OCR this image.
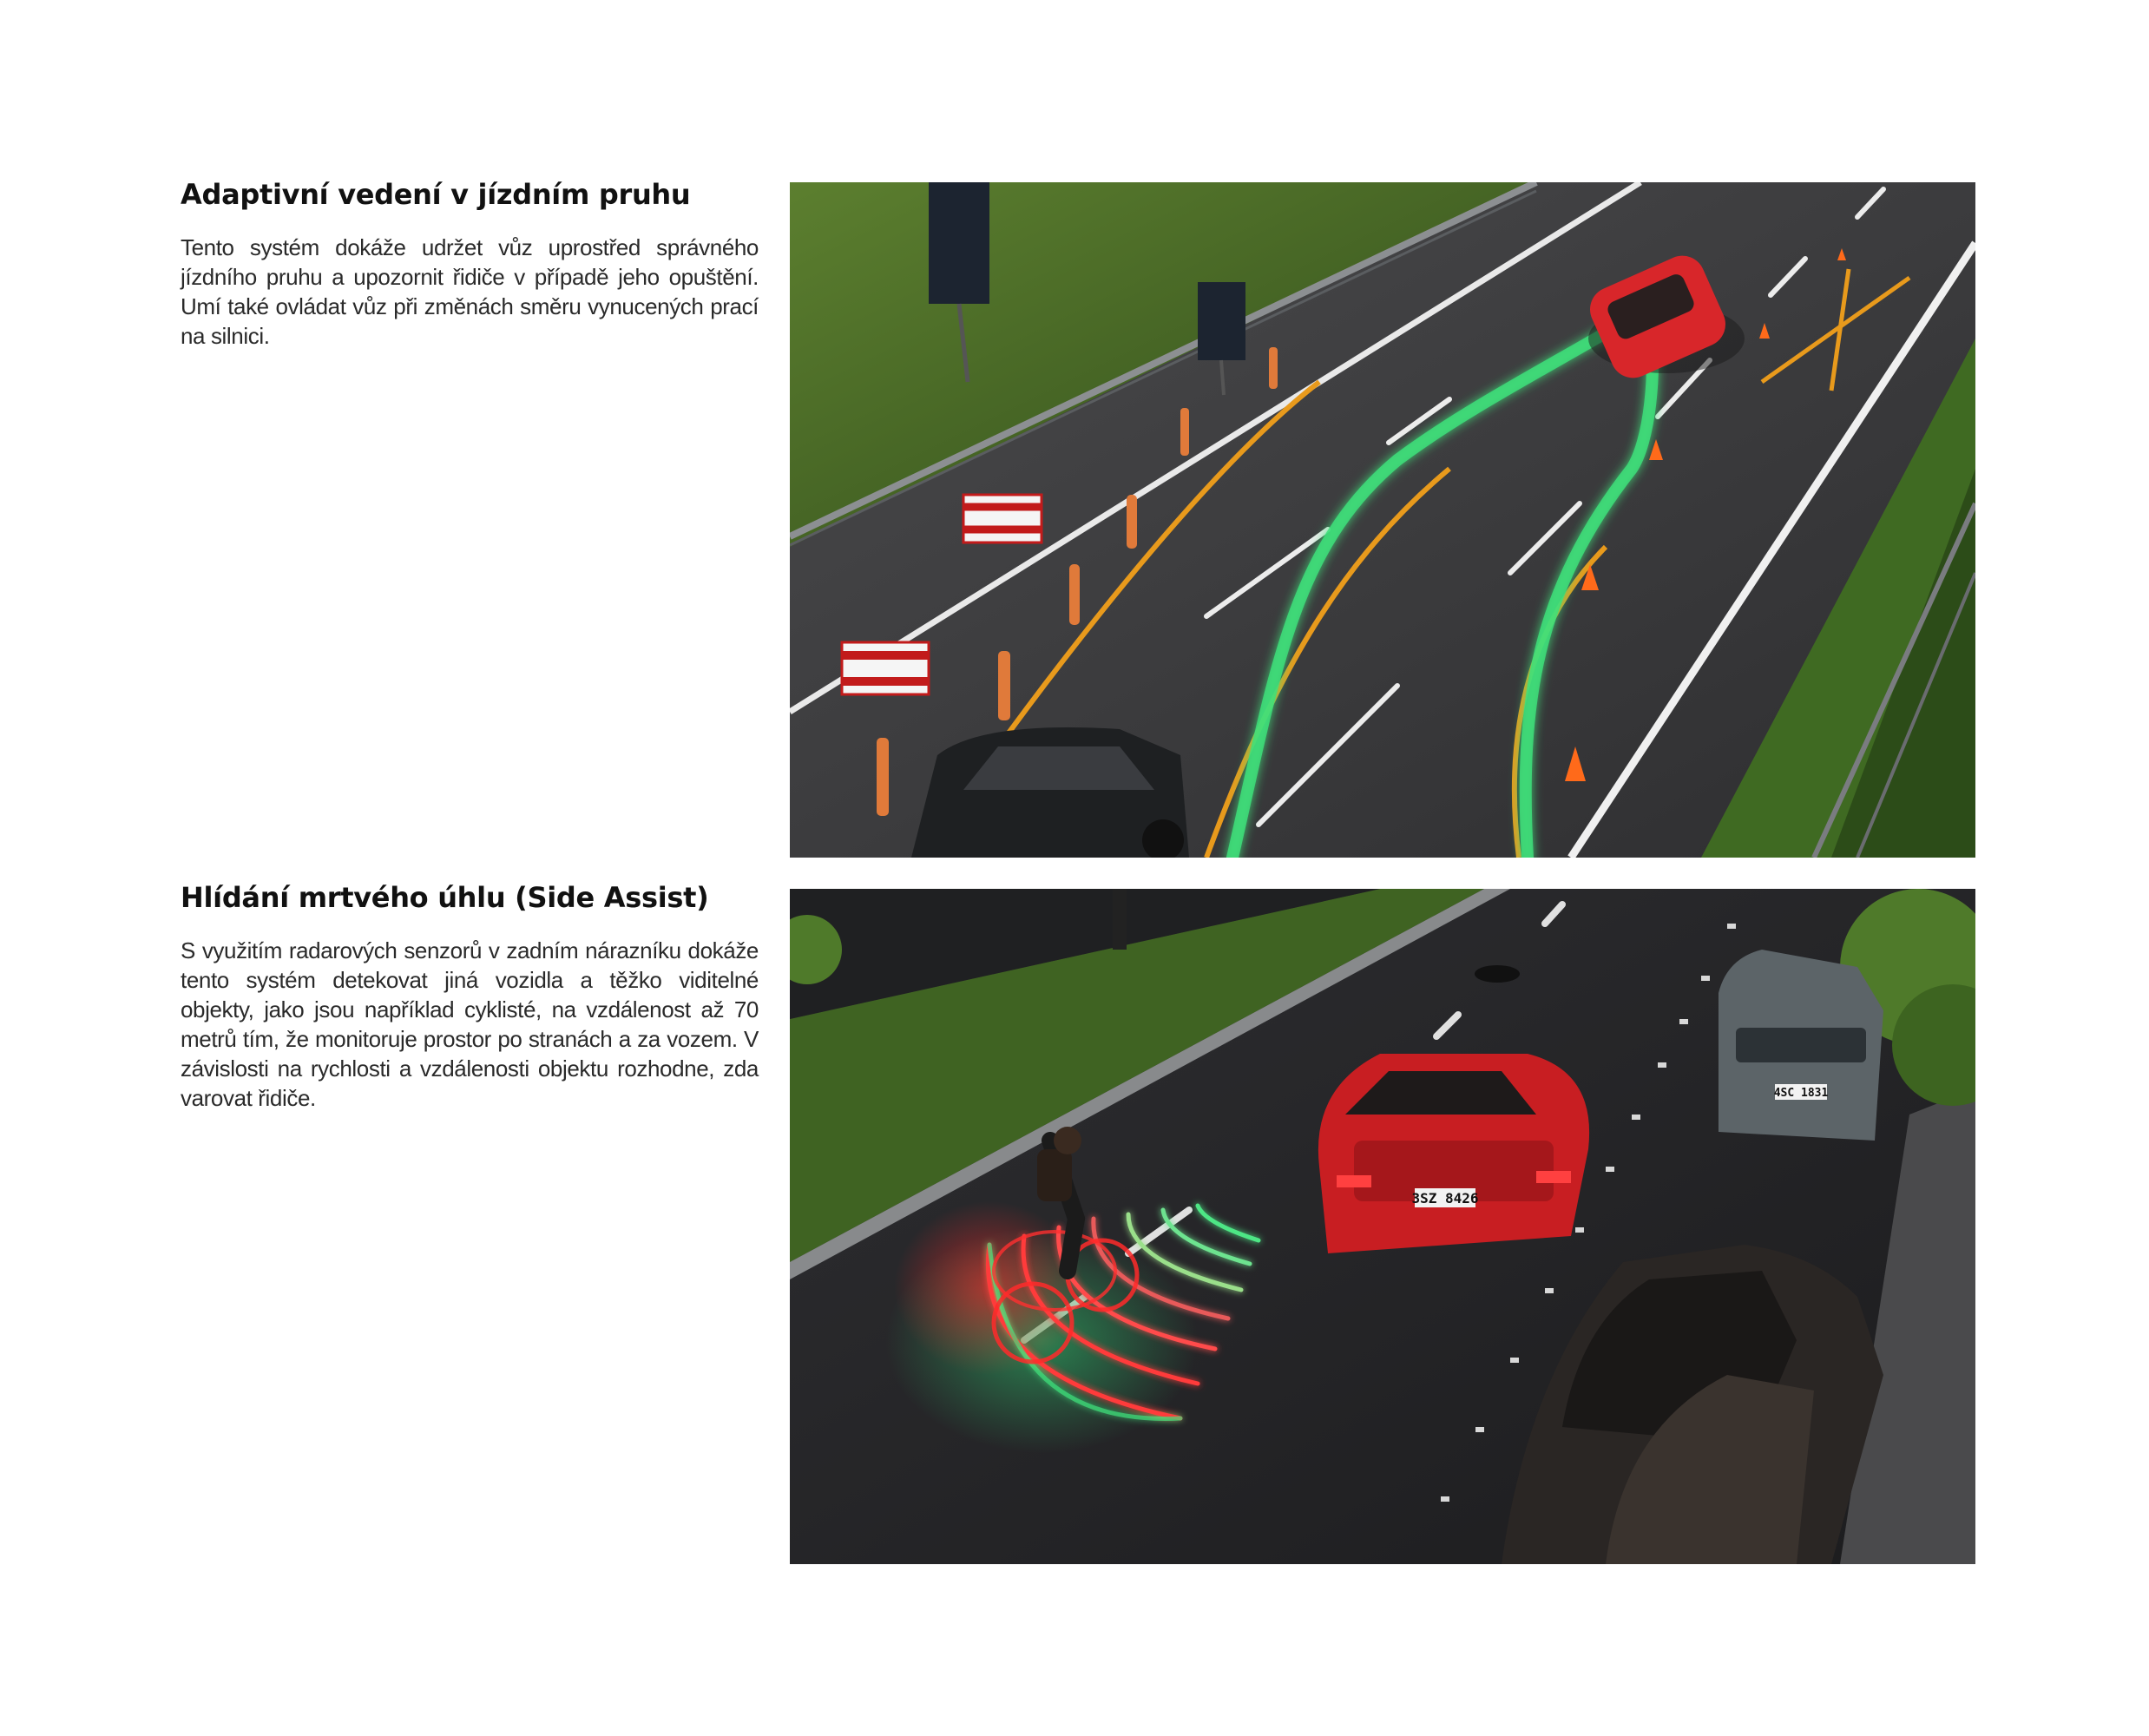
Adaptivní vedení v jízdním pruhu

Tento systém dokáže udržet vůz uprostřed správného jízdního pruhu a upozornit řidiče v případě jeho opuštění. Umí také ovládat vůz při změnách směru vynucených prací na silnici.

Hlídání mrtvého úhlu (Side Assist)

S využitím radarových senzorů v zadním nárazníku dokáže tento systém detekovat jiná vozidla a těžko viditelné objekty, jako jsou například cyklisté, na vzdálenost až 70 metrů tím, že monitoruje prostor po stranách a za vozem. V závislosti na rychlosti a vzdálenosti objektu rozhodne, zda varovat řidiče.

3SZ 8426
4SC 1831
